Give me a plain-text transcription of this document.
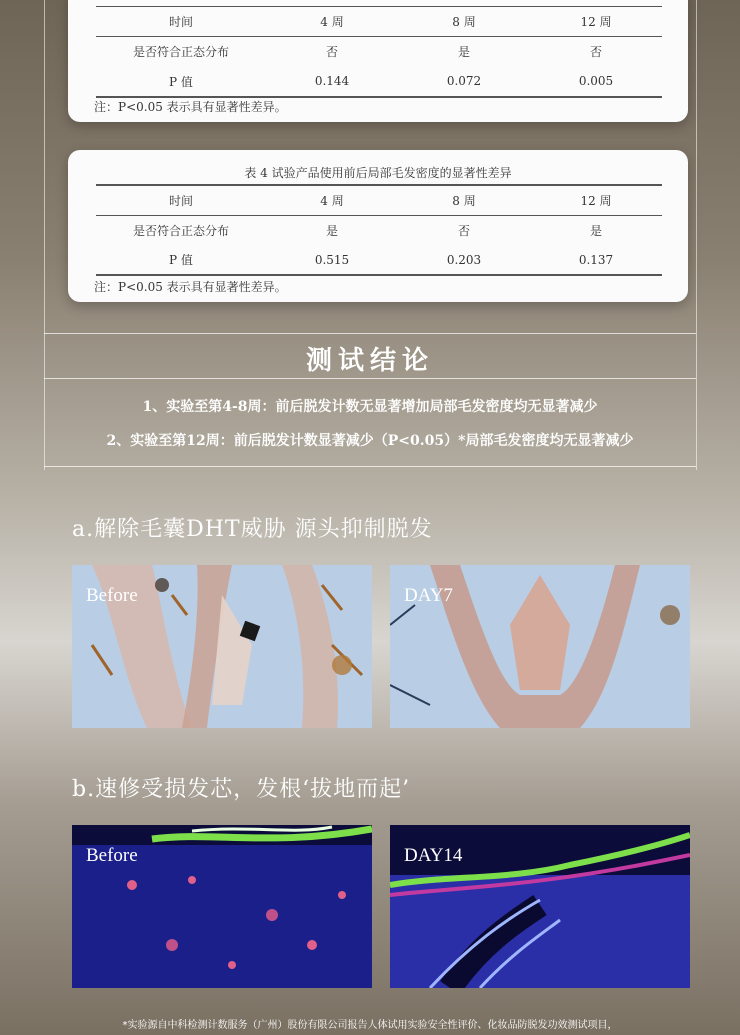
时间	4 周	8 周	12 周
是否符合正态分布	否	是	否
P 值	0.144	0.072	0.005
注：P<0.05 表示具有显著性差异。
表 4 试验产品使用前后局部毛发密度的显著性差异
时间	4 周	8 周	12 周
是否符合正态分布	是	否	是
P 值	0.515	0.203	0.137
注：P<0.05 表示具有显著性差异。
测试结论
1、实验至第4-8周：前后脱发计数无显著增加局部毛发密度均无显著减少
2、实验至第12周：前后脱发计数显著减少（P<0.05）*局部毛发密度均无显著减少
a.解除毛囊DHT威胁 源头抑制脱发
Before	DAY7
b.速修受损发芯，发根‘拔地而起’
Before	DAY14
*实验源自中科检测计数服务（广州）股份有限公司报告人体试用实验安全性评价、化妆品防脱发功效测试项目，
